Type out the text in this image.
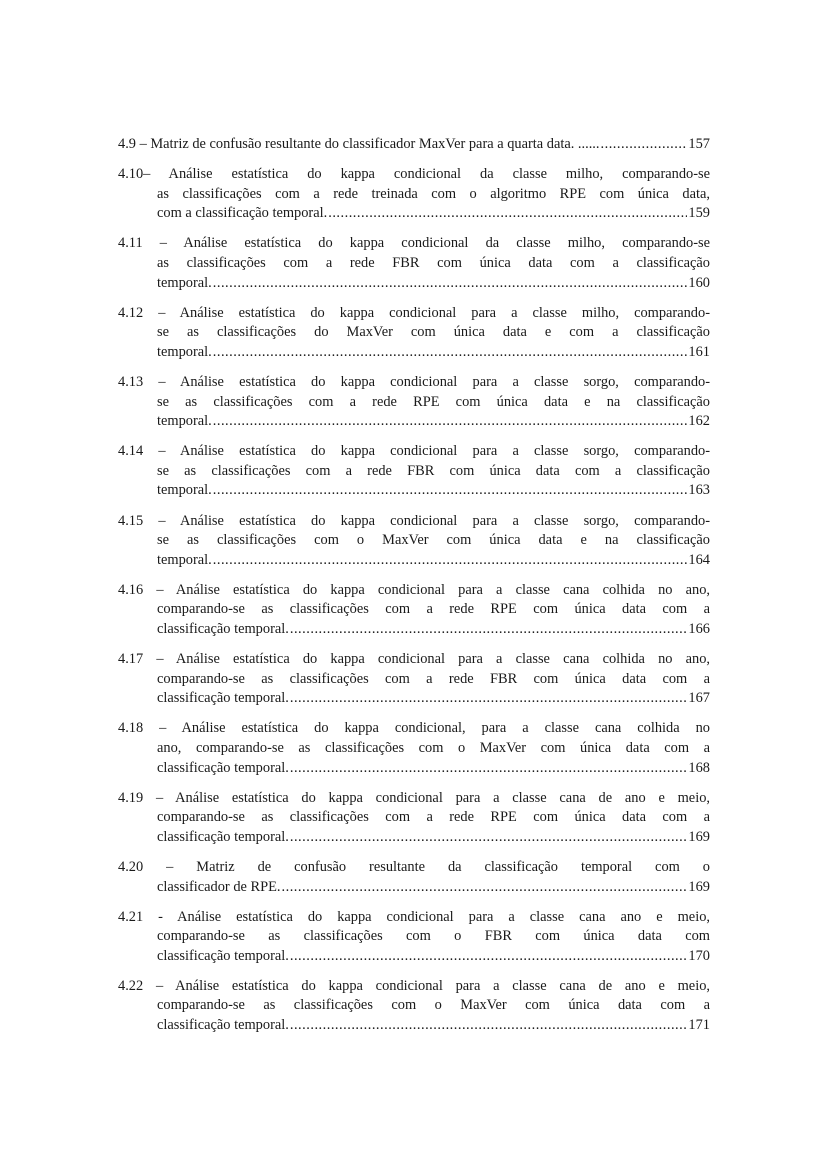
4.9 – Matriz de confusão resultante do classificador MaxVer para a quarta data. ...... .....	157
4.10– Análise estatística do kappa condicional da classe milho, comparando-se
as classificações com a rede treinada com o algoritmo RPE com única data,
com a classificação temporal. .....	159
4.11 – Análise estatística do kappa condicional da classe milho, comparando-se
as classificações com a rede FBR com única data com a classificação
temporal. .....	160
4.12 – Análise estatística do kappa condicional para a classe milho, comparando-
se as classificações do MaxVer com única data e com a classificação
temporal. .....	161
4.13 – Análise estatística do kappa condicional para a classe sorgo, comparando-
se as classificações com a rede RPE com única data e na classificação
temporal. .....	162
4.14 – Análise estatística do kappa condicional para a classe sorgo, comparando-
se as classificações com a rede FBR com única data com a classificação
temporal. .....	163
4.15 – Análise estatística do kappa condicional para a classe sorgo, comparando-
se as classificações com o MaxVer com única data e na classificação
temporal. .....	164
4.16 – Análise estatística do kappa condicional para a classe cana colhida no ano,
comparando-se as classificações com a rede RPE com única data com a
classificação temporal. .....	166
4.17 – Análise estatística do kappa condicional para a classe cana colhida no ano,
comparando-se as classificações com a rede FBR com única data com a
classificação temporal. .....	167
4.18 – Análise estatística do kappa condicional, para a classe cana colhida no
ano, comparando-se as classificações com o MaxVer com única data com a
classificação temporal. .....	168
4.19 – Análise estatística do kappa condicional para a classe cana de ano e meio,
comparando-se as classificações com a rede RPE com única data com a
classificação temporal. .....	169
4.20 – Matriz de confusão resultante da classificação temporal com o
classificador de RPE. .....	169
4.21 - Análise estatística do kappa condicional para a classe cana ano e meio,
comparando-se as classificações com o FBR com única data com
classificação temporal. .....	170
4.22 – Análise estatística do kappa condicional para a classe cana de ano e meio,
comparando-se as classificações com o MaxVer com única data com a
classificação temporal. .....	171
